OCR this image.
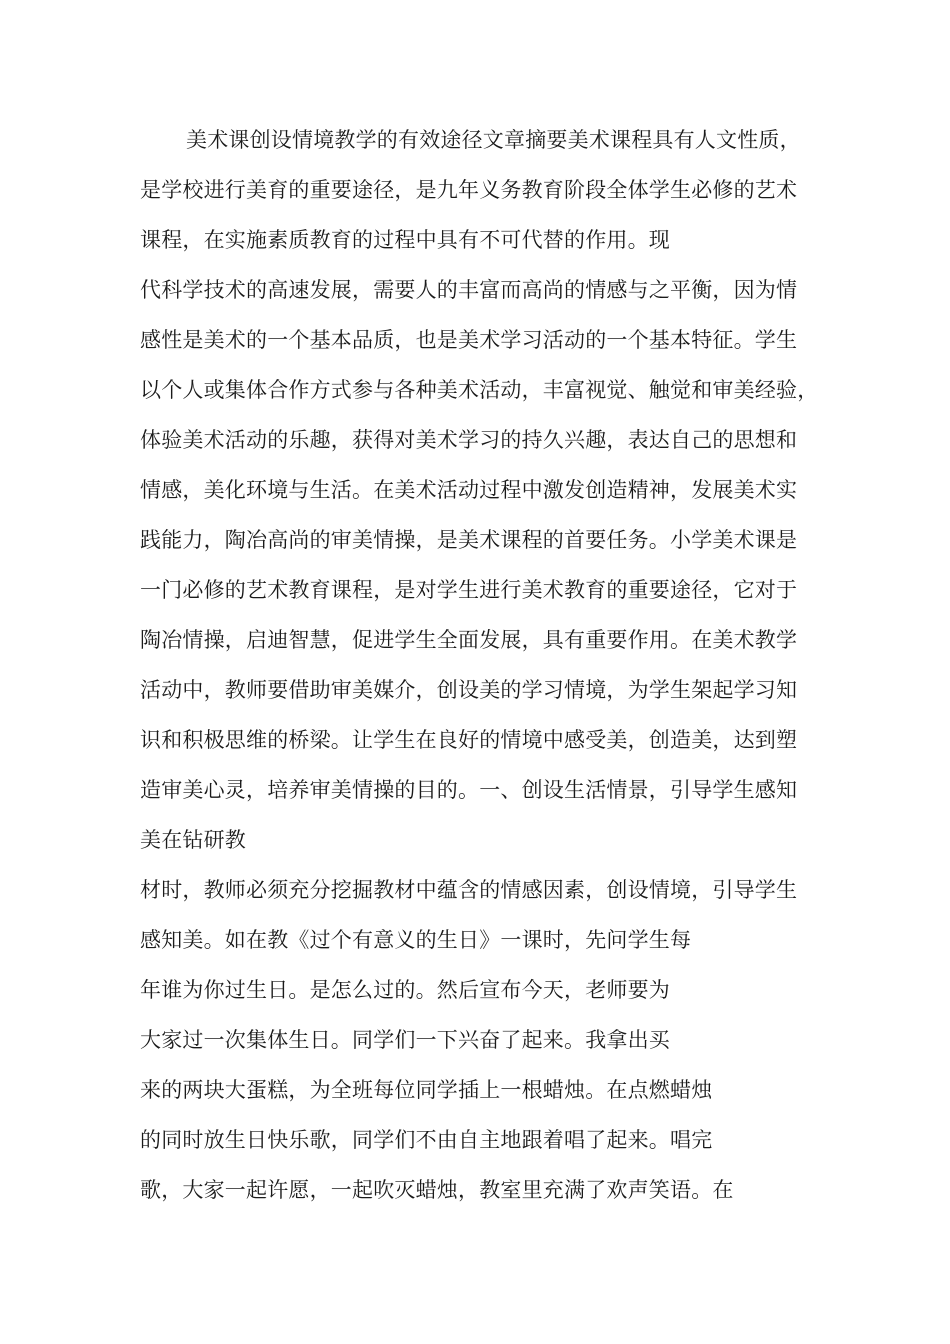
美术课创设情境教学的有效途径文章摘要美术课程具有人文性质，
是学校进行美育的重要途径，是九年义务教育阶段全体学生必修的艺术
课程，在实施素质教育的过程中具有不可代替的作用。现
代科学技术的高速发展，需要人的丰富而高尚的情感与之平衡，因为情
感性是美术的一个基本品质，也是美术学习活动的一个基本特征。学生
以个人或集体合作方式参与各种美术活动，丰富视觉、触觉和审美经验，
体验美术活动的乐趣，获得对美术学习的持久兴趣，表达自己的思想和
情感，美化环境与生活。在美术活动过程中激发创造精神，发展美术实
践能力，陶冶高尚的审美情操，是美术课程的首要任务。小学美术课是
一门必修的艺术教育课程，是对学生进行美术教育的重要途径，它对于
陶冶情操，启迪智慧，促进学生全面发展，具有重要作用。在美术教学
活动中，教师要借助审美媒介，创设美的学习情境，为学生架起学习知
识和积极思维的桥梁。让学生在良好的情境中感受美，创造美，达到塑
造审美心灵，培养审美情操的目的。一、创设生活情景，引导学生感知
美在钻研教
材时，教师必须充分挖掘教材中蕴含的情感因素，创设情境，引导学生
感知美。如在教《过个有意义的生日》一课时，先问学生每
年谁为你过生日。是怎么过的。然后宣布今天，老师要为
大家过一次集体生日。同学们一下兴奋了起来。我拿出买
来的两块大蛋糕，为全班每位同学插上一根蜡烛。在点燃蜡烛
的同时放生日快乐歌，同学们不由自主地跟着唱了起来。唱完
歌，大家一起许愿，一起吹灭蜡烛，教室里充满了欢声笑语。在
